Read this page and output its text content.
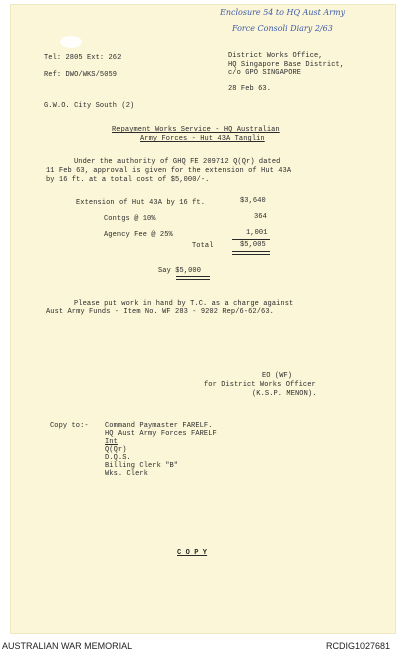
Enclosure 54 to HQ Aust Army
Force Consoli Diary 2/63
Tel: 2805 Ext: 262
Ref: DWO/WKS/5059
District Works Office,
HQ Singapore Base District,
c/o GPO SINGAPORE
28 Feb 63.
G.W.O. City South (2)
Repayment Works Service - HQ Australian
Army Forces - Hut 43A Tanglin
Under the authority of GHQ FE 209712 Q(Qr) dated
11 Feb 63, approval is given for the extension of Hut 43A
by 16 ft. at a total cost of $5,000/-.
Extension of Hut 43A by 16 ft.	$3,640
Contgs @ 10%	364
Agency Fee @ 25%	1,001
Total	$5,005
Say $5,000
Please put work in hand by T.C. as a charge against
Aust Army Funds - Item No. WF 283 - 9202 Rep/6-62/63.
EO (WF)
for District Works Officer
(K.S.P. MENON).
Copy to:- Command Paymaster FARELF.
HQ Aust Army Forces FARELF
Int
Q(Qr)
D.Q.S.
Billing Clerk "B"
Wks. Clerk
C O P Y
AUSTRALIAN WAR MEMORIAL	RCDIG1027681
